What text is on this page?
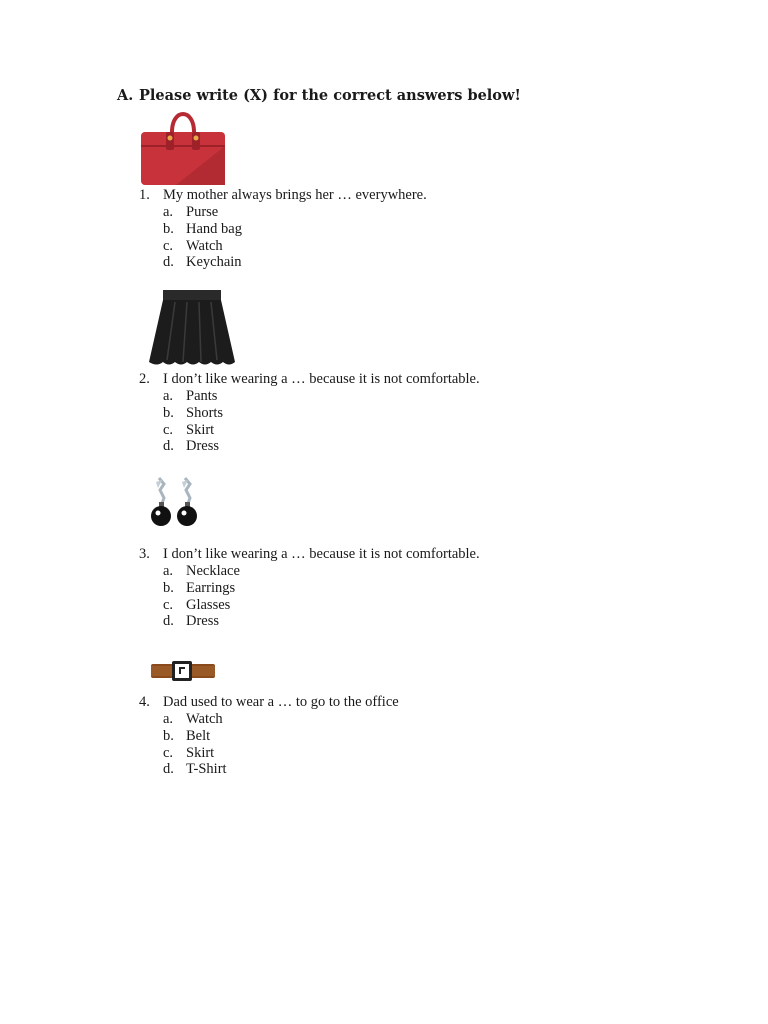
A. Please write (X) for the correct answers below!
1. My mother always brings her … everywhere.
a. Purse
b. Hand bag
c. Watch
d. Keychain
2. I don’t like wearing a … because it is not comfortable.
a. Pants
b. Shorts
c. Skirt
d. Dress
3. I don’t like wearing a … because it is not comfortable.
a. Necklace
b. Earrings
c. Glasses
d. Dress
4. Dad used to wear a … to go to the office
a. Watch
b. Belt
c. Skirt
d. T-Shirt
